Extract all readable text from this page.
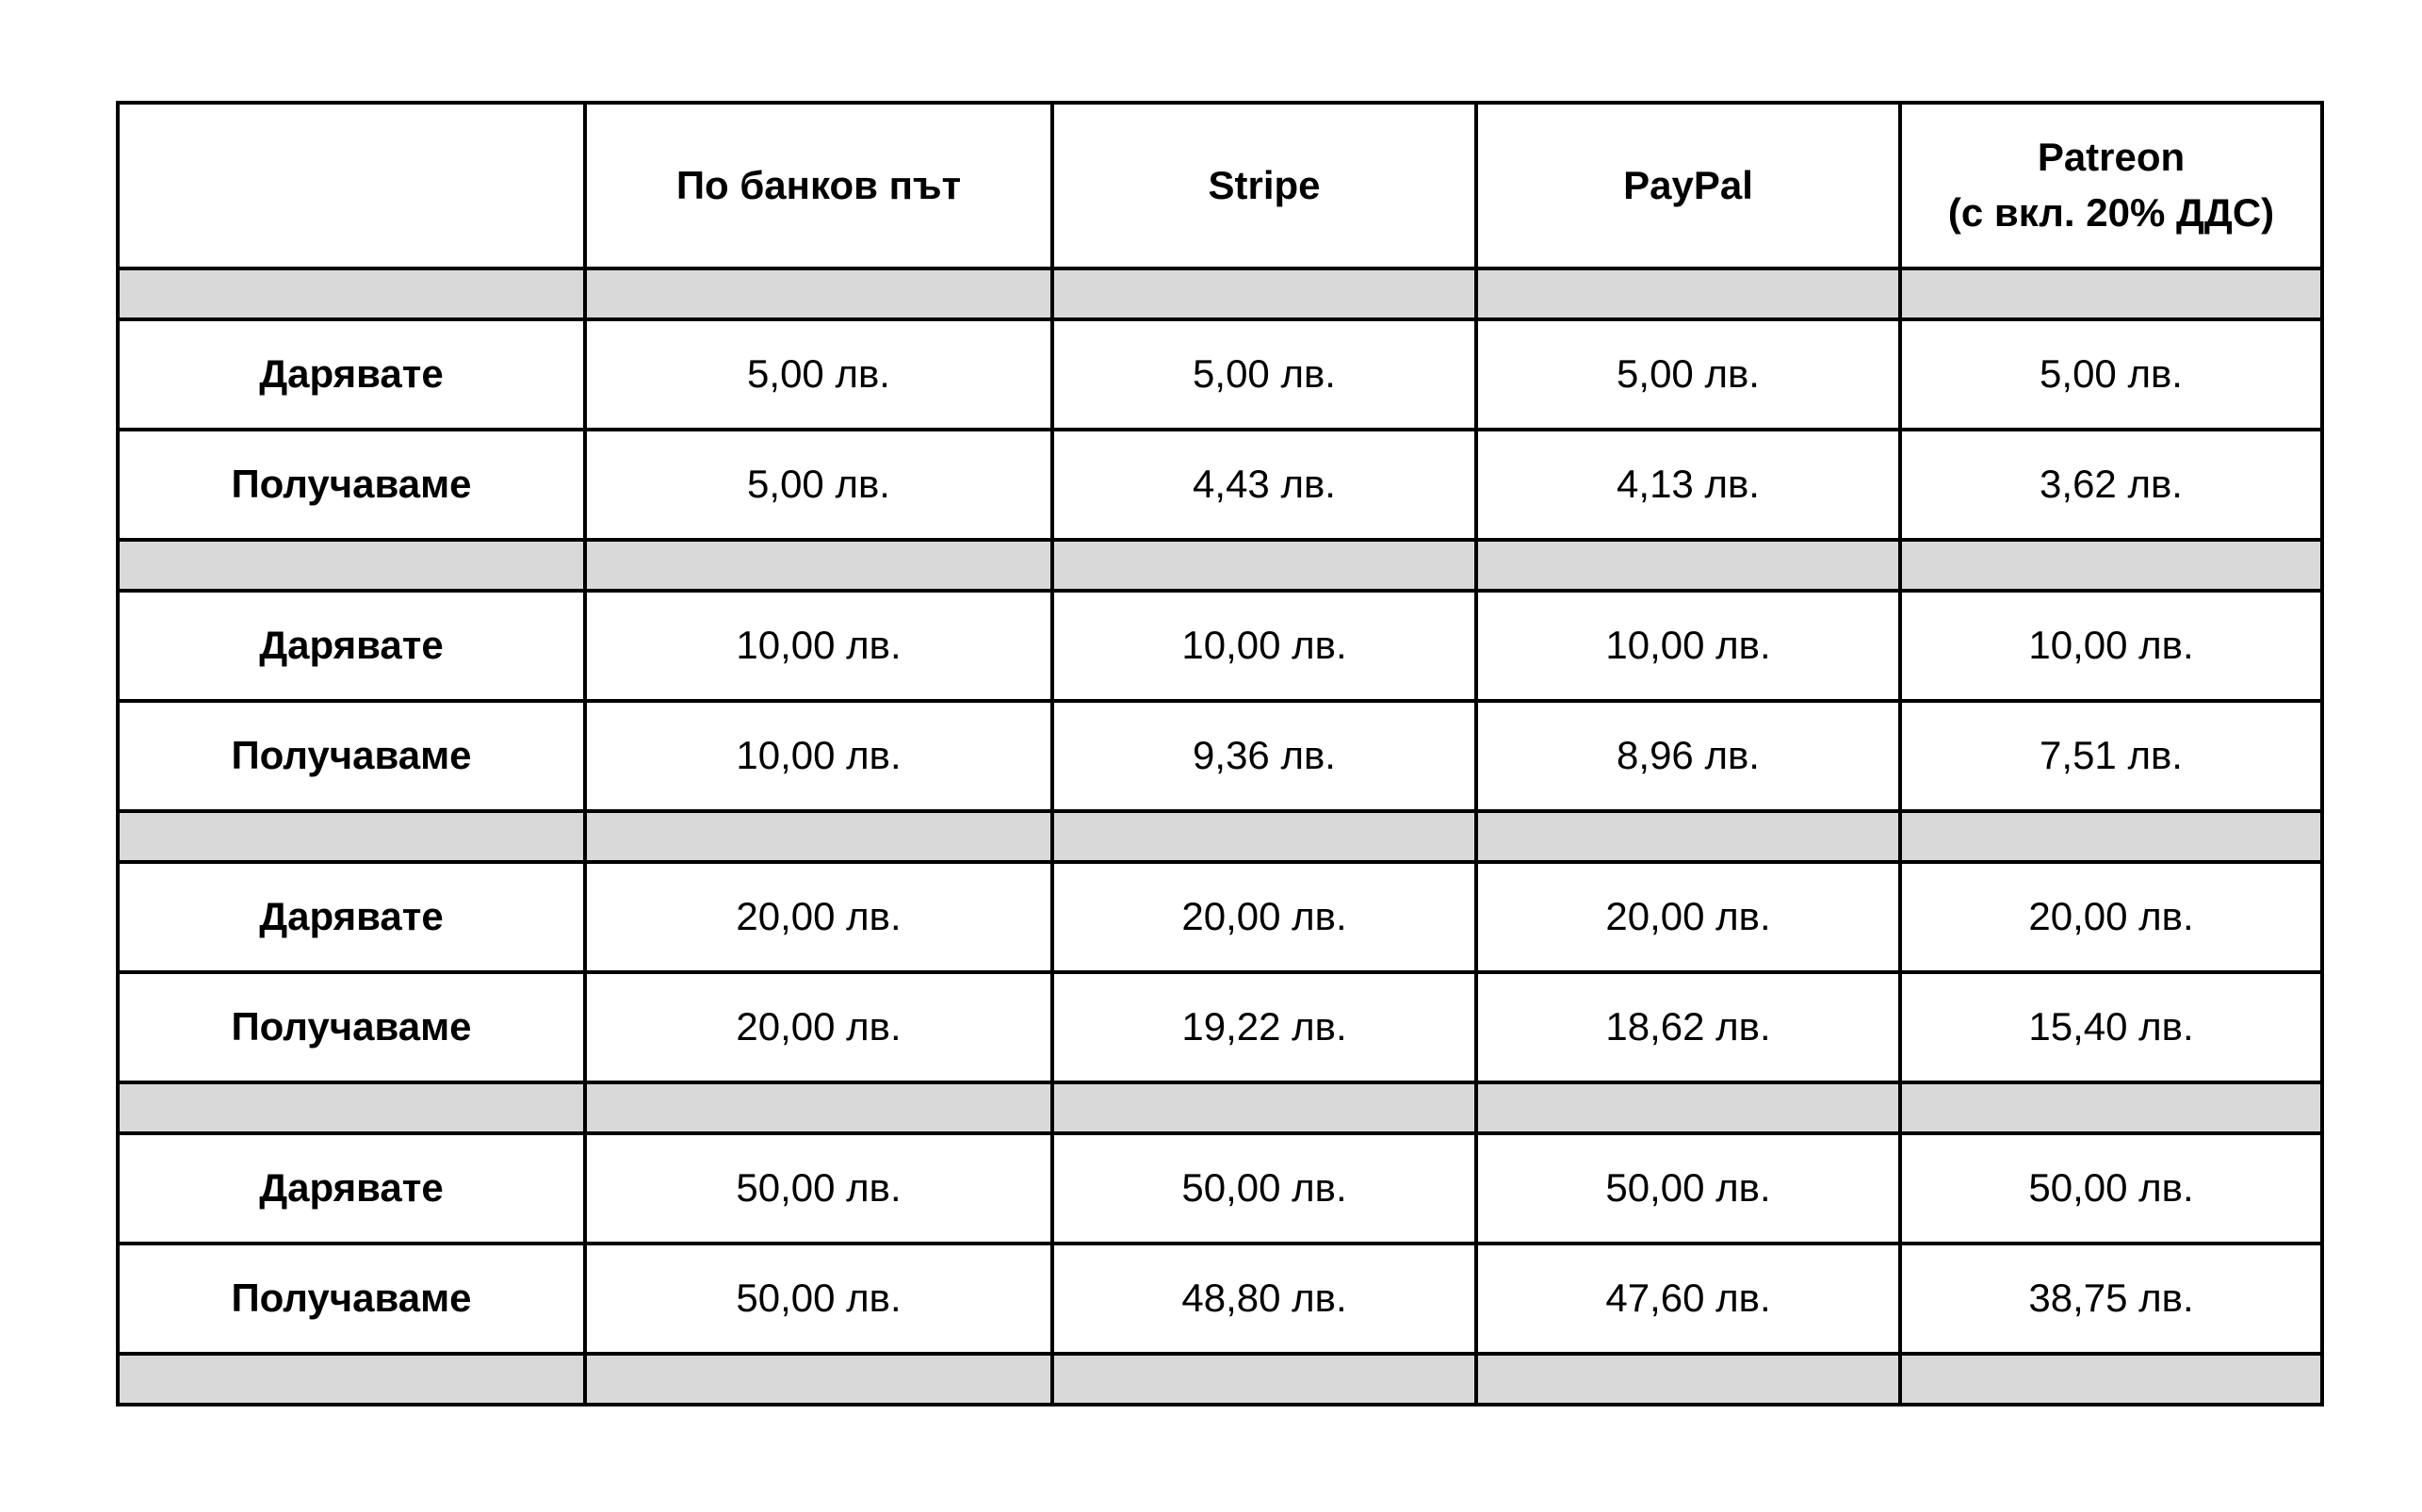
	По банков път	Stripe	PayPal	Patreon
(с вкл. 20% ДДС)

Дарявате	5,00 лв.	5,00 лв.	5,00 лв.	5,00 лв.
Получаваме	5,00 лв.	4,43 лв.	4,13 лв.	3,62 лв.

Дарявате	10,00 лв.	10,00 лв.	10,00 лв.	10,00 лв.
Получаваме	10,00 лв.	9,36 лв.	8,96 лв.	7,51 лв.

Дарявате	20,00 лв.	20,00 лв.	20,00 лв.	20,00 лв.
Получаваме	20,00 лв.	19,22 лв.	18,62 лв.	15,40 лв.

Дарявате	50,00 лв.	50,00 лв.	50,00 лв.	50,00 лв.
Получаваме	50,00 лв.	48,80 лв.	47,60 лв.	38,75 лв.
